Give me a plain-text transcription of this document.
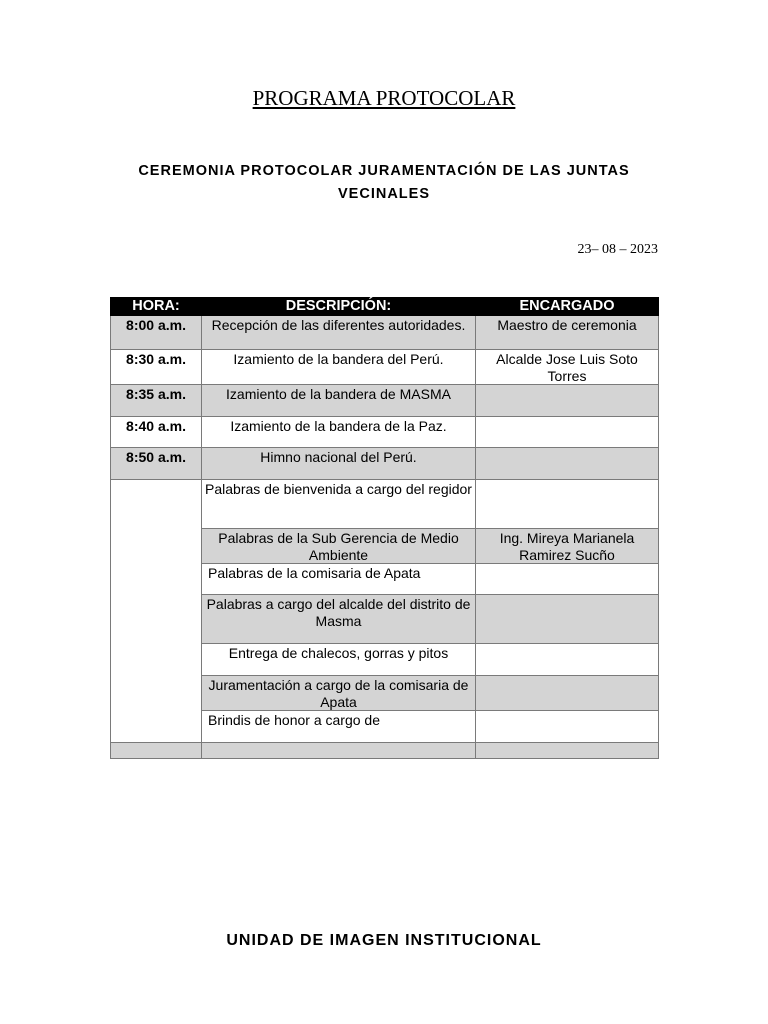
PROGRAMA PROTOCOLAR
CEREMONIA PROTOCOLAR JURAMENTACIÓN DE LAS JUNTAS
VECINALES
23– 08 – 2023
HORA:	DESCRIPCIÓN:	ENCARGADO
8:00 a.m.	Recepción de las diferentes autoridades.	Maestro de ceremonia
8:30 a.m.	Izamiento de la bandera del Perú.	Alcalde Jose Luis Soto Torres
8:35 a.m.	Izamiento de la bandera de MASMA	
8:40 a.m.	Izamiento de la bandera de la Paz.	
8:50 a.m.	Himno nacional del Perú.	
	Palabras de bienvenida a cargo del regidor	
	Palabras de la Sub Gerencia de Medio Ambiente	Ing. Mireya Marianela Ramirez Sucño
	Palabras de la comisaria de Apata	
	Palabras a cargo del alcalde del distrito de Masma	
	Entrega de chalecos, gorras y pitos	
	Juramentación a cargo de la comisaria de Apata	
	Brindis de honor a cargo de	

UNIDAD DE IMAGEN INSTITUCIONAL
